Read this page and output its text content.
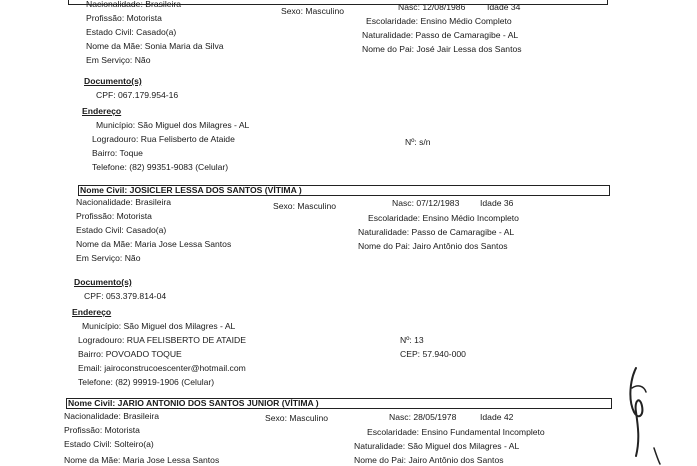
Nacionalidade: Brasileira
Sexo: Masculino	Nasc: 12/08/1986	Idade 34
Profissão: Motorista	Escolaridade: Ensino Médio Completo
Estado Civil: Casado(a)	Naturalidade: Passo de Camaragibe - AL
Nome da Mãe: Sonia Maria da Silva	Nome do Pai: José Jair Lessa dos Santos
Em Serviço: Não
Documento(s)
CPF: 067.179.954-16
Endereço
Município: São Miguel dos Milagres - AL
Logradouro: Rua Felisberto de Ataide	Nº: s/n
Bairro: Toque
Telefone: (82) 99351-9083 (Celular)
Nome Civil: JOSICLER LESSA DOS SANTOS (VÍTIMA )
Nacionalidade: Brasileira	Sexo: Masculino	Nasc: 07/12/1983 Idade 36
Profissão: Motorista	Escolaridade: Ensino Médio Incompleto
Estado Civil: Casado(a)	Naturalidade: Passo de Camaragibe - AL
Nome da Mãe: Maria Jose Lessa Santos	Nome do Pai: Jairo Antônio dos Santos
Em Serviço: Não
Documento(s)
CPF: 053.379.814-04
Endereço
Município: São Miguel dos Milagres - AL
Logradouro: RUA FELISBERTO DE ATAIDE	Nº: 13
Bairro: POVOADO TOQUE	CEP: 57.940-000
Email: jairoconstrucoescenter@hotmail.com
Telefone: (82) 99919-1906 (Celular)
Nome Civil: JARIO ANTONIO DOS SANTOS JUNIOR (VÍTIMA )
Nacionalidade: Brasileira	Sexo: Masculino	Nasc: 28/05/1978	Idade 42
Profissão: Motorista	Escolaridade: Ensino Fundamental Incompleto
Estado Civil: Solteiro(a)	Naturalidade: São Miguel dos Milagres - AL
Nome da Mãe: Maria Jose Lessa Santos	Nome do Pai: Jairo Antônio dos Santos
